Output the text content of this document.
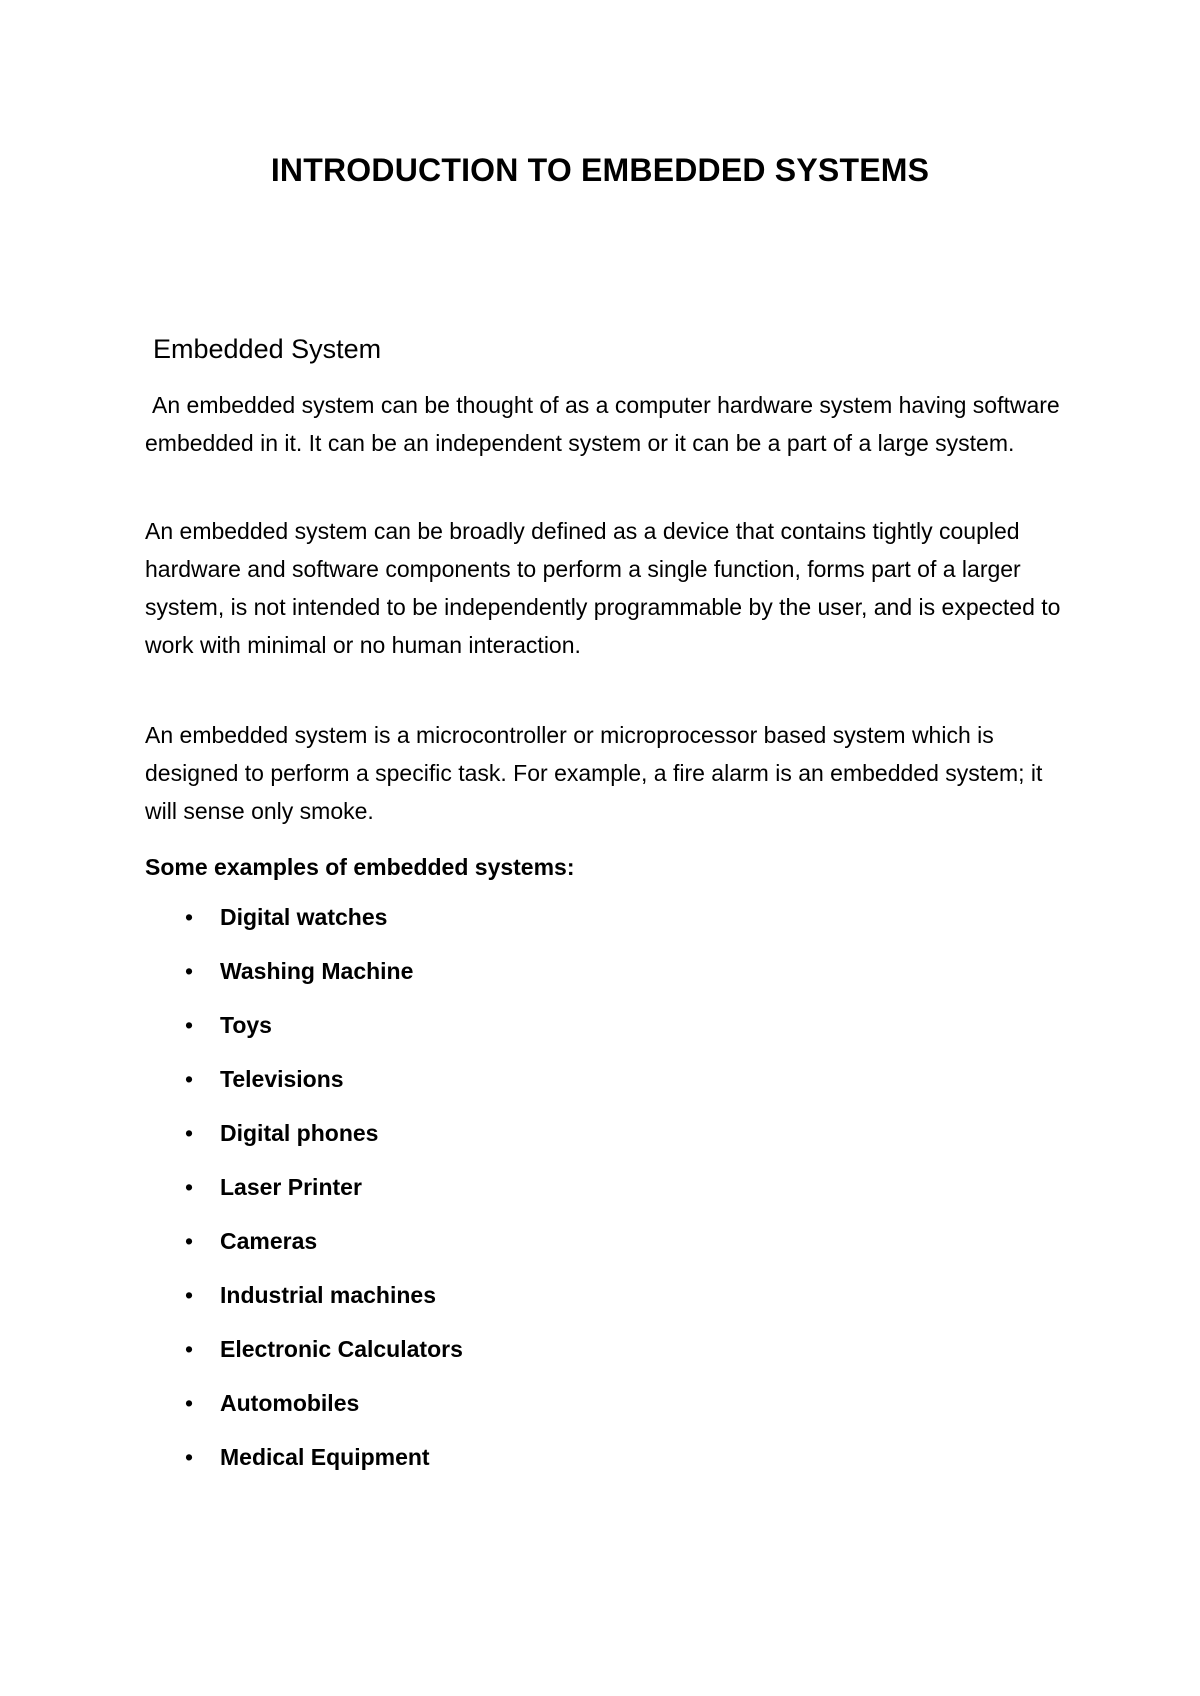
INTRODUCTION TO EMBEDDED SYSTEMS
Embedded System

An embedded system can be thought of as a computer hardware system having software embedded in it. It can be an independent system or it can be a part of a large system.

An embedded system can be broadly defined as a device that contains tightly coupled hardware and software components to perform a single function, forms part of a larger system, is not intended to be independently programmable by the user, and is expected to work with minimal or no human interaction.

An embedded system is a microcontroller or microprocessor based system which is designed to perform a specific task. For example, a fire alarm is an embedded system; it will sense only smoke.

Some examples of embedded systems:

• Digital watches
• Washing Machine
• Toys
• Televisions
• Digital phones
• Laser Printer
• Cameras
• Industrial machines
• Electronic Calculators
• Automobiles
• Medical Equipment
